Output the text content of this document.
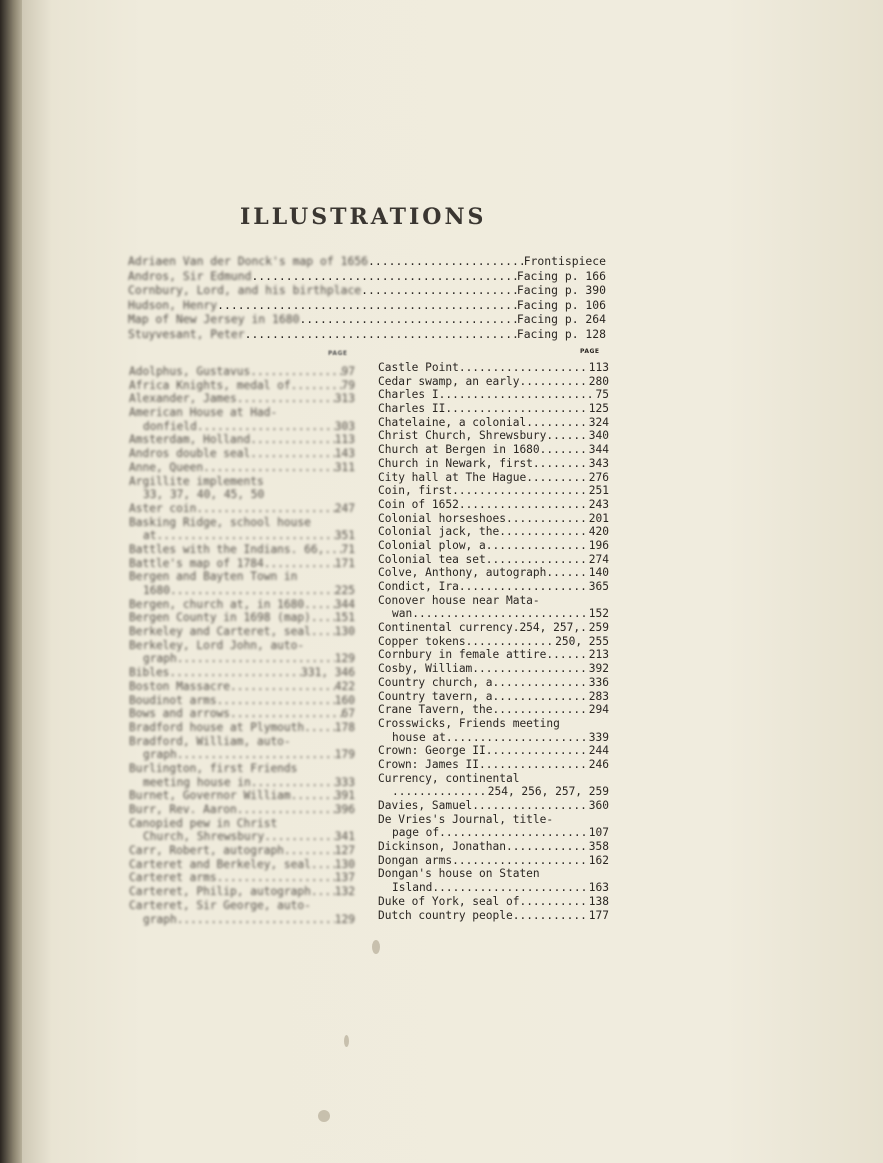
ILLUSTRATIONS
Adriaen Van der Donck's map of 1656 .....	Frontispiece
Andros, Sir Edmund .....	Facing p. 166
Cornbury, Lord, and his birthplace .....	Facing p. 390
Hudson, Henry .....	Facing p. 106
Map of New Jersey in 1680 .....	Facing p. 264
Stuyvesant, Peter .....	Facing p. 128
PAGE	PAGE
Adolphus, Gustavus .....	97
Africa Knights, medal of .....	79
Alexander, James .....	313
American House at Had-
donfield .....	303
Amsterdam, Holland .....	113
Andros double seal .....	143
Anne, Queen .....	311
Argillite implements
33, 37, 40, 45, 50
Aster coin .....	247
Basking Ridge, school house
at .....	351
Battles with the Indians. 66, ..... 71
Battle's map of 1784 .....	171
Bergen and Bayten Town in
1680 .....	225
Bergen, church at, in 1680 .....	344
Bergen County in 1698 (map) ..... 151
Berkeley and Carteret, seal ..... 130
Berkeley, Lord John, auto-
graph .....	129
Bibles .....	331, 346
Boston Massacre .....	422
Boudinot arms .....	160
Bows and arrows .....	67
Bradford house at Plymouth .....	178
Bradford, William, auto-
graph .....	179
Burlington, first Friends
meeting house in .....	333
Burnet, Governor William .....	391
Burr, Rev. Aaron .....	396
Canopied pew in Christ
Church, Shrewsbury .....	341
Carr, Robert, autograph .....	127
Carteret and Berkeley, seal ..... 130
Carteret arms .....	137
Carteret, Philip, autograph ..... 132
Carteret, Sir George, auto-
graph .....	129
Castle Point .....	113
Cedar swamp, an early .....	280
Charles I .....	75
Charles II .....	125
Chatelaine, a colonial .....	324
Christ Church, Shrewsbury. .....	340
Church at Bergen in 1680 .....	344
Church in Newark, first .....	343
City hall at The Hague .....	276
Coin, first .....	251
Coin of 1652 .....	243
Colonial horseshoes .....	201
Colonial jack, the .....	420
Colonial plow, a .....	196
Colonial tea set .....	274
Colve, Anthony, autograph.. .....	140
Condict, Ira .....	365
Conover house near Mata-
wan .....	152
Continental currency.254, 257, ..... 259
Copper tokens .....	250, 255
Cornbury in female attire.. .....	213
Cosby, William .....	392
Country church, a .....	336
Country tavern, a .....	283
Crane Tavern, the .....	294
Crosswicks, Friends meeting
house at .....	339
Crown: George II .....	244
Crown: James II .....	246
Currency, continental
.....
254, 256, 257, 259
Davies, Samuel .....	360
De Vries's Journal, title-
page of .....	107
Dickinson, Jonathan .....	358
Dongan arms .....	162
Dongan's house on Staten
Island .....	163
Duke of York, seal of .....	138
Dutch country people .....	177
